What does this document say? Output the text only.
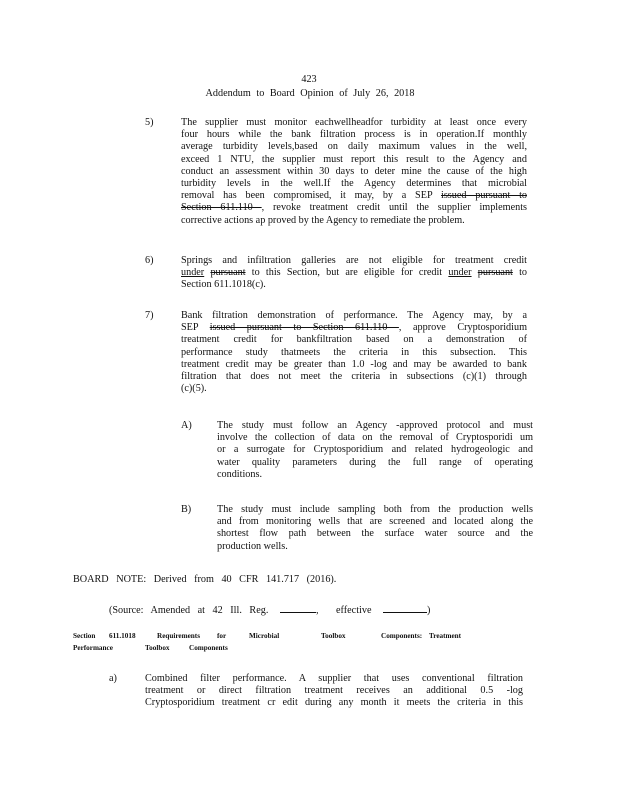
423
Addendum to Board Opinion of July 26, 2018
5)	The supplier must monitor eachwellheadfor turbidity at least once every
four hours while the bank filtration process is in operation.If monthly
average turbidity levels,based on daily maximum values in the well,
exceed 1 NTU, the supplier must report this result to the Agency and
conduct an assessment within 30 days to deter mine the cause of the high
turbidity levels in the well.If the Agency determines that microbial
removal has been compromised, it may, by a SEP issued pursuant to
Section 611.110 , revoke treatment credit until the supplier implements
corrective actions ap proved by the Agency to remediate the problem.
6)	Springs and infiltration galleries are not eligible for treatment credit
under pursuant to this Section, but are eligible for credit under pursuant to
Section 611.1018(c).
7)	Bank filtration demonstration of performance. The Agency may, by a
SEP issued pursuant to Section 611.110 , approve Cryptosporidium
treatment credit for bankfiltration based on a demonstration of
performance study thatmeets the criteria in this subsection. This
treatment credit may be greater than 1.0 -log and may be awarded to bank
filtration that does not meet the criteria in subsections (c)(1) through
(c)(5).
A) The study must follow an Agency -approved protocol and must
involve the collection of data on the removal of Cryptosporidi um
or a surrogate for Cryptosporidium and related hydrogeologic and
water quality parameters during the full range of operating
conditions.
B)	The study must include sampling both from the production wells
and from monitoring wells that are screened and located along the
shortest flow path between the surface water source and the
production wells.
BOARD NOTE: Derived from 40 CFR 141.717 (2016).
(Source: Amended at 42 Ill. Reg.	, effective	)
Section 611.1018	Requirements for	Microbial	Toolbox	Components: Treatment
Performance	Toolbox	Components
a)	Combined filter performance. A supplier that uses conventional filtration
treatment or direct filtration treatment receives an additional 0.5 -log
Cryptosporidium treatment cr edit during any month it meets the criteria in this
